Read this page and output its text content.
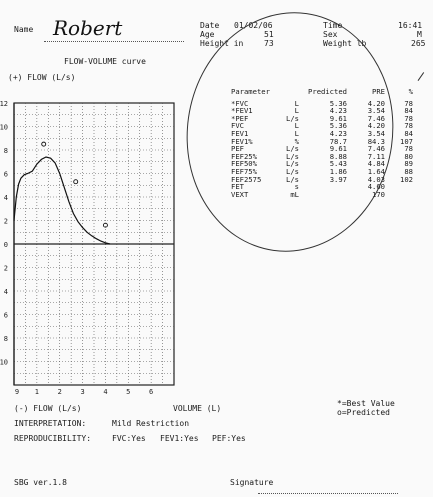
Name Robert	Date 01/02/06
Age	51
Height in	73
Time	16:41
Sex	M
Weight lb	265
FLOW-VOLUME curve
(+) FLOW (L/s)
12
10
8
6
4
2
0
2
4
6
8
10
9 1	2	3	4	5	6

Parameter		Predicted	PRE	%

*FVC	L	5.36	4.20	78
*FEV1	L	4.23	3.54	84
*PEF	L/s	9.61	7.46	78
FVC	L	5.36	4.20	78
FEV1	L	4.23	3.54	84
FEV1%	%	78.7	84.3	107
PEF	L/s	9.61	7.46	78
FEF25%	L/s	8.88	7.11	80
FEF50%	L/s	5.43	4.84	89
FEF75%	L/s	1.86	1.64	88
FEF2575	L/s	3.97	4.03	102
FET	s		4.60	
VEXT	mL		170	

(-) FLOW (L/s)	VOLUME (L)
*=Best Value
o=Predicted
INTERPRETATION:	Mild Restriction
REPRODUCIBILITY:	FVC:Yes FEV1:Yes PEF:Yes
SBG ver.1.8	Signature
